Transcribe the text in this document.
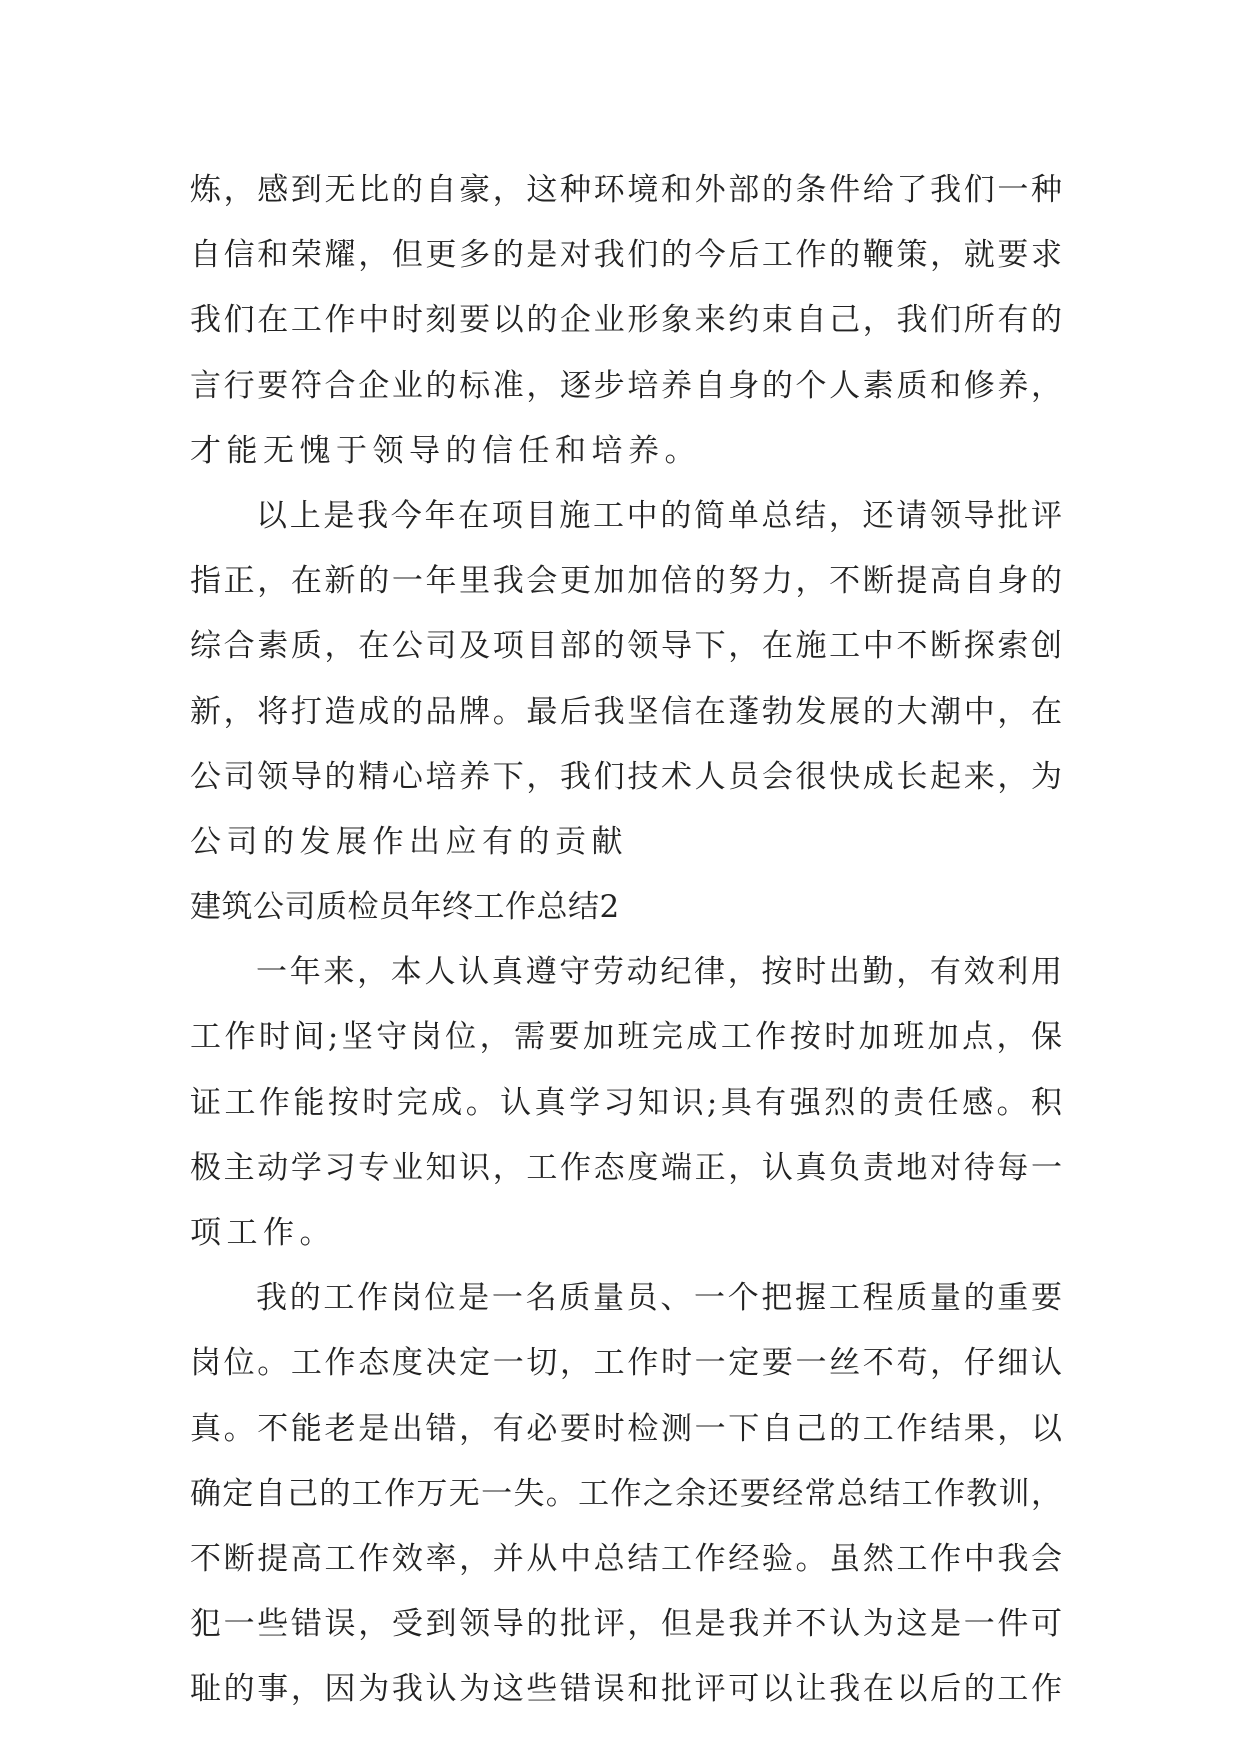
炼，感到无比的自豪，这种环境和外部的条件给了我们一种
自信和荣耀，但更多的是对我们的今后工作的鞭策，就要求
我们在工作中时刻要以的企业形象来约束自己，我们所有的
言行要符合企业的标准，逐步培养自身的个人素质和修养，
才能无愧于领导的信任和培养。
以上是我今年在项目施工中的简单总结，还请领导批评
指正，在新的一年里我会更加加倍的努力，不断提高自身的
综合素质，在公司及项目部的领导下，在施工中不断探索创
新，将打造成的品牌。最后我坚信在蓬勃发展的大潮中，在
公司领导的精心培养下，我们技术人员会很快成长起来，为
公司的发展作出应有的贡献
建筑公司质检员年终工作总结2
一年来，本人认真遵守劳动纪律，按时出勤，有效利用
工作时间;坚守岗位，需要加班完成工作按时加班加点，保
证工作能按时完成。认真学习知识;具有强烈的责任感。积
极主动学习专业知识，工作态度端正，认真负责地对待每一
项工作。
我的工作岗位是一名质量员、一个把握工程质量的重要
岗位。工作态度决定一切，工作时一定要一丝不苟，仔细认
真。不能老是出错，有必要时检测一下自己的工作结果，以
确定自己的工作万无一失。工作之余还要经常总结工作教训，
不断提高工作效率，并从中总结工作经验。虽然工作中我会
犯一些错误，受到领导的批评，但是我并不认为这是一件可
耻的事，因为我认为这些错误和批评可以让我在以后的工作
